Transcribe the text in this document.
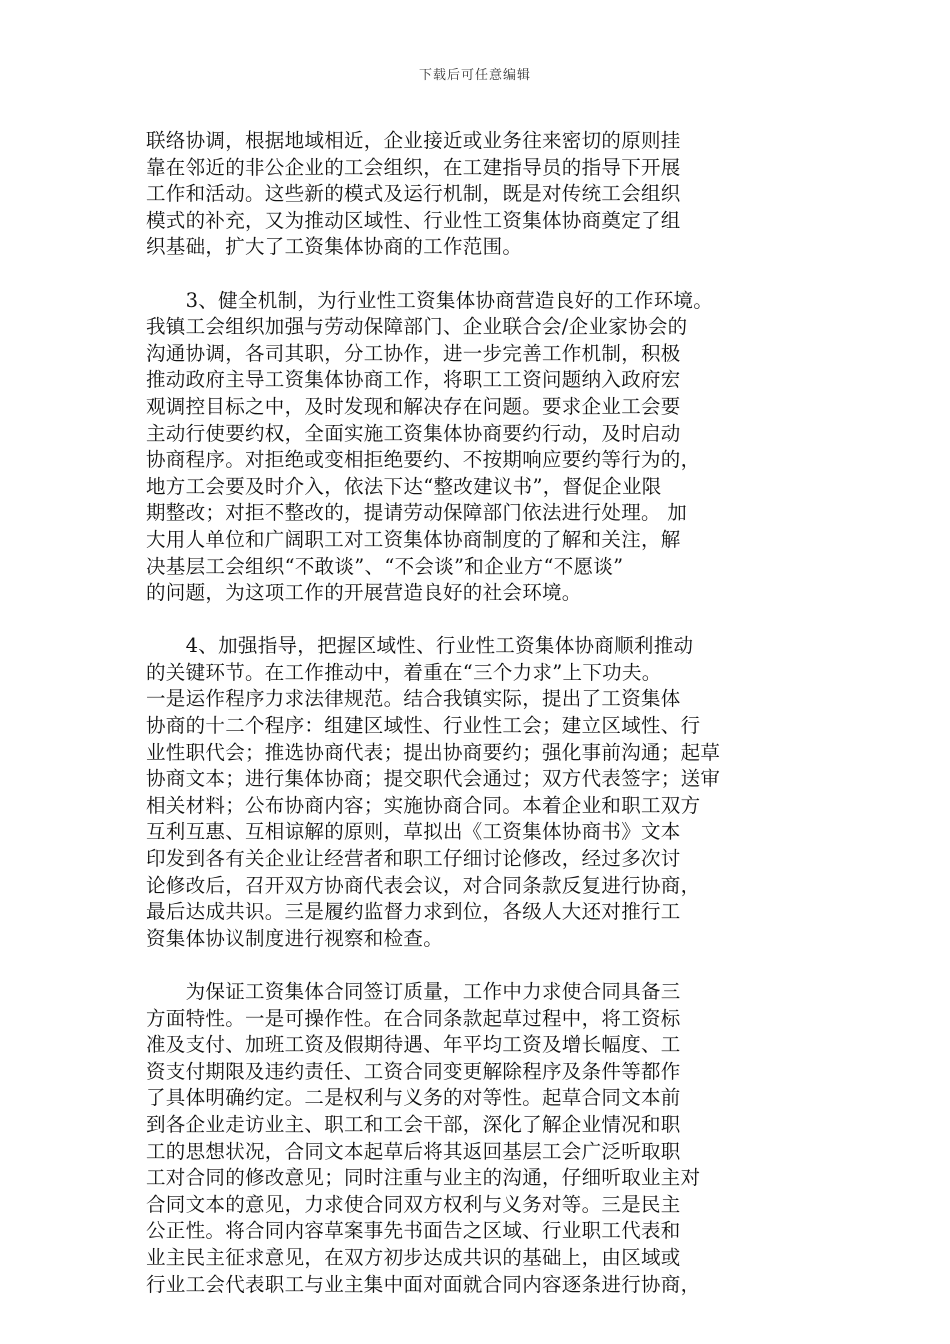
下载后可任意编辑
联络协调，根据地域相近，企业接近或业务往来密切的原则挂
靠在邻近的非公企业的工会组织，在工建指导员的指导下开展
工作和活动。这些新的模式及运行机制，既是对传统工会组织
模式的补充，又为推动区域性、行业性工资集体协商奠定了组
织基础，扩大了工资集体协商的工作范围。
　　3、健全机制，为行业性工资集体协商营造良好的工作环境。
我镇工会组织加强与劳动保障部门、企业联合会/企业家协会的
沟通协调，各司其职，分工协作，进一步完善工作机制，积极
推动政府主导工资集体协商工作，将职工工资问题纳入政府宏
观调控目标之中，及时发现和解决存在问题。要求企业工会要
主动行使要约权，全面实施工资集体协商要约行动，及时启动
协商程序。对拒绝或变相拒绝要约、不按期响应要约等行为的，
地方工会要及时介入，依法下达“整改建议书”，督促企业限
期整改；对拒不整改的，提请劳动保障部门依法进行处理。 加
大用人单位和广阔职工对工资集体协商制度的了解和关注，解
决基层工会组织“不敢谈”、“不会谈”和企业方“不愿谈”
的问题，为这项工作的开展营造良好的社会环境。
　　4、加强指导，把握区域性、行业性工资集体协商顺利推动
的关键环节。在工作推动中，着重在“三个力求”上下功夫。
一是运作程序力求法律规范。结合我镇实际，提出了工资集体
协商的十二个程序：组建区域性、行业性工会；建立区域性、行
业性职代会；推选协商代表；提出协商要约；强化事前沟通；起草
协商文本；进行集体协商；提交职代会通过；双方代表签字；送审
相关材料；公布协商内容；实施协商合同。本着企业和职工双方
互利互惠、互相谅解的原则，草拟出《工资集体协商书》文本
印发到各有关企业让经营者和职工仔细讨论修改，经过多次讨
论修改后，召开双方协商代表会议，对合同条款反复进行协商，
最后达成共识。三是履约监督力求到位，各级人大还对推行工
资集体协议制度进行视察和检查。
　　为保证工资集体合同签订质量，工作中力求使合同具备三
方面特性。一是可操作性。在合同条款起草过程中，将工资标
准及支付、加班工资及假期待遇、年平均工资及增长幅度、工
资支付期限及违约责任、工资合同变更解除程序及条件等都作
了具体明确约定。二是权利与义务的对等性。起草合同文本前
到各企业走访业主、职工和工会干部，深化了解企业情况和职
工的思想状况，合同文本起草后将其返回基层工会广泛听取职
工对合同的修改意见；同时注重与业主的沟通，仔细听取业主对
合同文本的意见，力求使合同双方权利与义务对等。三是民主
公正性。将合同内容草案事先书面告之区域、行业职工代表和
业主民主征求意见，在双方初步达成共识的基础上，由区域或
行业工会代表职工与业主集中面对面就合同内容逐条进行协商，
